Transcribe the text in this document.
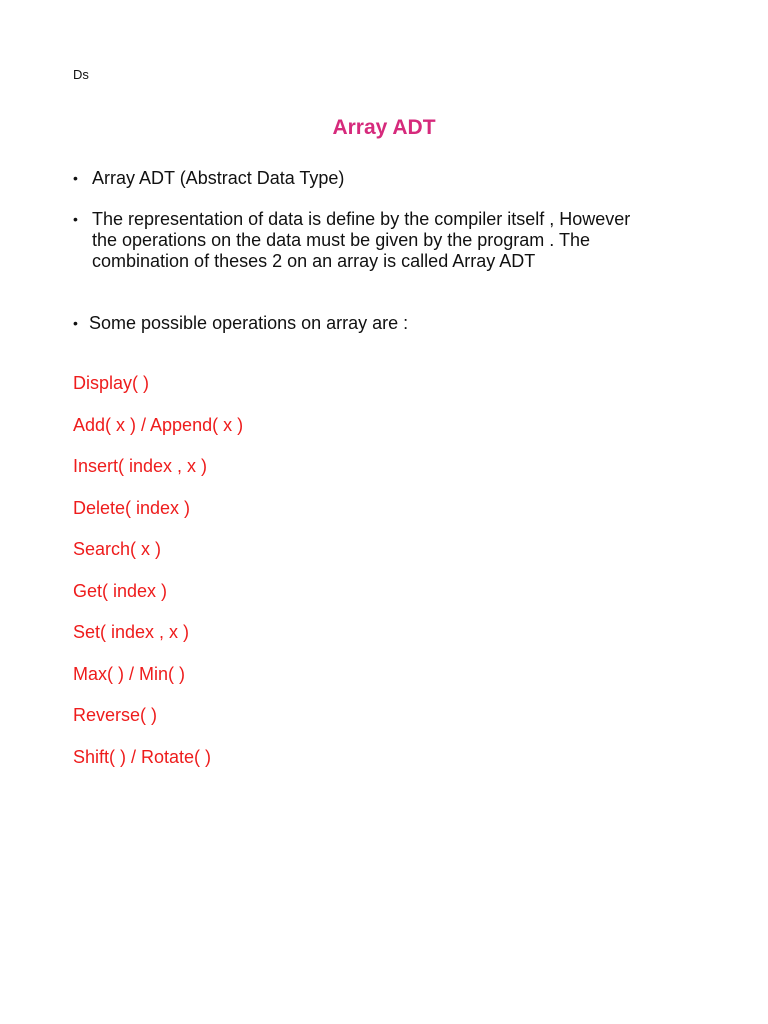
Ds
Array ADT
• Array ADT (Abstract Data Type)
• The representation of data is define by the compiler itself , However
the operations on the data must be given by the program . The
combination of theses 2 on an array is called Array ADT
• Some possible operations on array are :
Display( )
Add( x ) / Append( x )
Insert( index , x )
Delete( index )
Search( x )
Get( index )
Set( index , x )
Max( ) / Min( )
Reverse( )
Shift( ) / Rotate( )
